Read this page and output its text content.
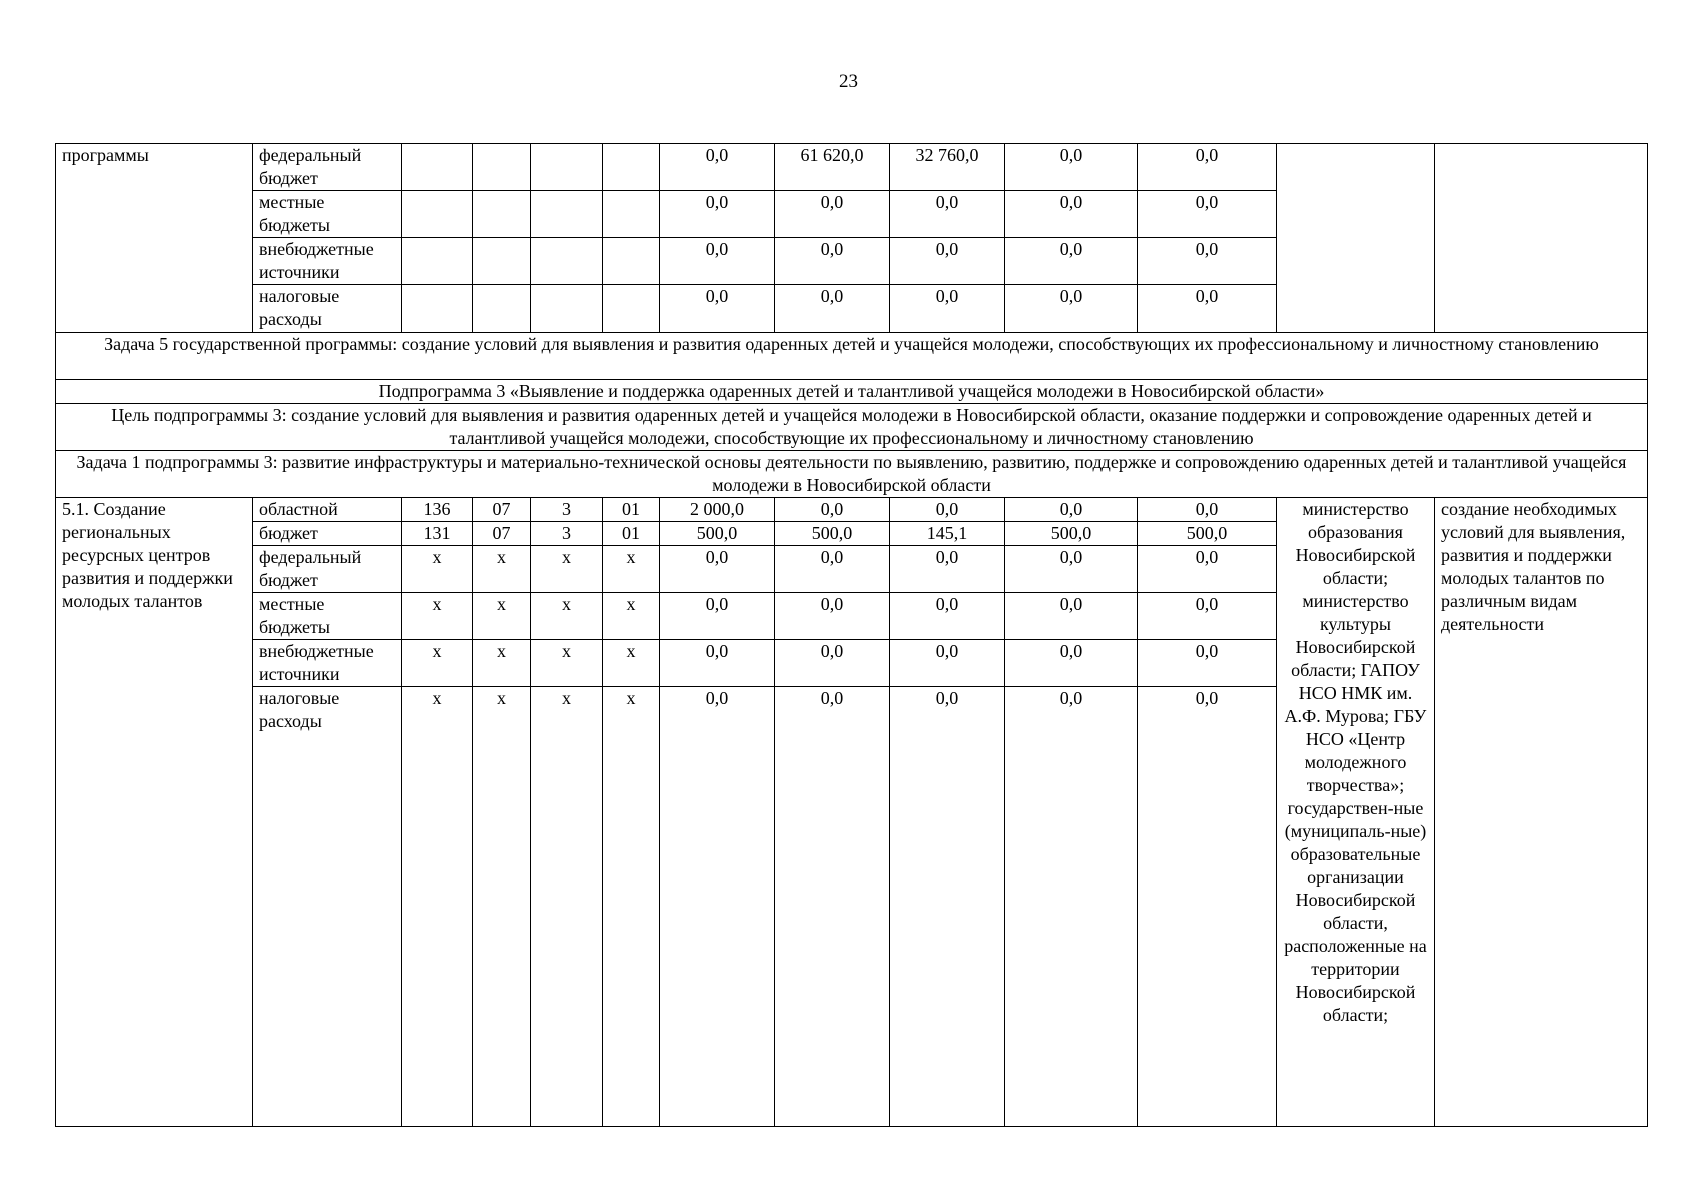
23
программы	федеральный бюджет					0,0	61 620,0	32 760,0	0,0	0,0		
	местные бюджеты					0,0	0,0	0,0	0,0	0,0		
	внебюджетные источники					0,0	0,0	0,0	0,0	0,0		
	налоговые расходы					0,0	0,0	0,0	0,0	0,0		
Задача 5 государственной программы: создание условий для выявления и развития одаренных детей и учащейся молодежи, способствующих их профессиональному и личностному становлению												
Подпрограмма 3 «Выявление и поддержка одаренных детей и талантливой учащейся молодежи в Новосибирской области»												
Цель подпрограммы 3: создание условий для выявления и развития одаренных детей и учащейся молодежи в Новосибирской области, оказание поддержки и сопровождение одаренных детей и талантливой учащейся молодежи, способствующие их профессиональному и личностному становлению												
Задача 1 подпрограммы 3: развитие инфраструктуры и материально-технической основы деятельности по выявлению, развитию, поддержке и сопровождению одаренных детей и талантливой учащейся молодежи в Новосибирской области												
5.1. Создание региональных ресурсных центров развития и поддержки молодых талантов	областной	136	07	3	01	2 000,0	0,0	0,0	0,0	0,0	министерство образования Новосибирской области; министерство культуры Новосибирской области; ГАПОУ НСО НМК им. А.Ф. Мурова; ГБУ НСО «Центр молодежного творчества»; государствен-ные (муниципаль-ные) образовательные организации Новосибирской области, расположенные на территории Новосибирской области;	создание необходимых условий для выявления, развития и поддержки молодых талантов по различным видам деятельности
	бюджет	131	07	3	01	500,0	500,0	145,1	500,0	500,0		
	федеральный бюджет	x	x	x	x	0,0	0,0	0,0	0,0	0,0		
	местные бюджеты	x	x	x	x	0,0	0,0	0,0	0,0	0,0		
	внебюджетные источники	x	x	x	x	0,0	0,0	0,0	0,0	0,0		
	налоговые расходы	x	x	x	x	0,0	0,0	0,0	0,0	0,0		
